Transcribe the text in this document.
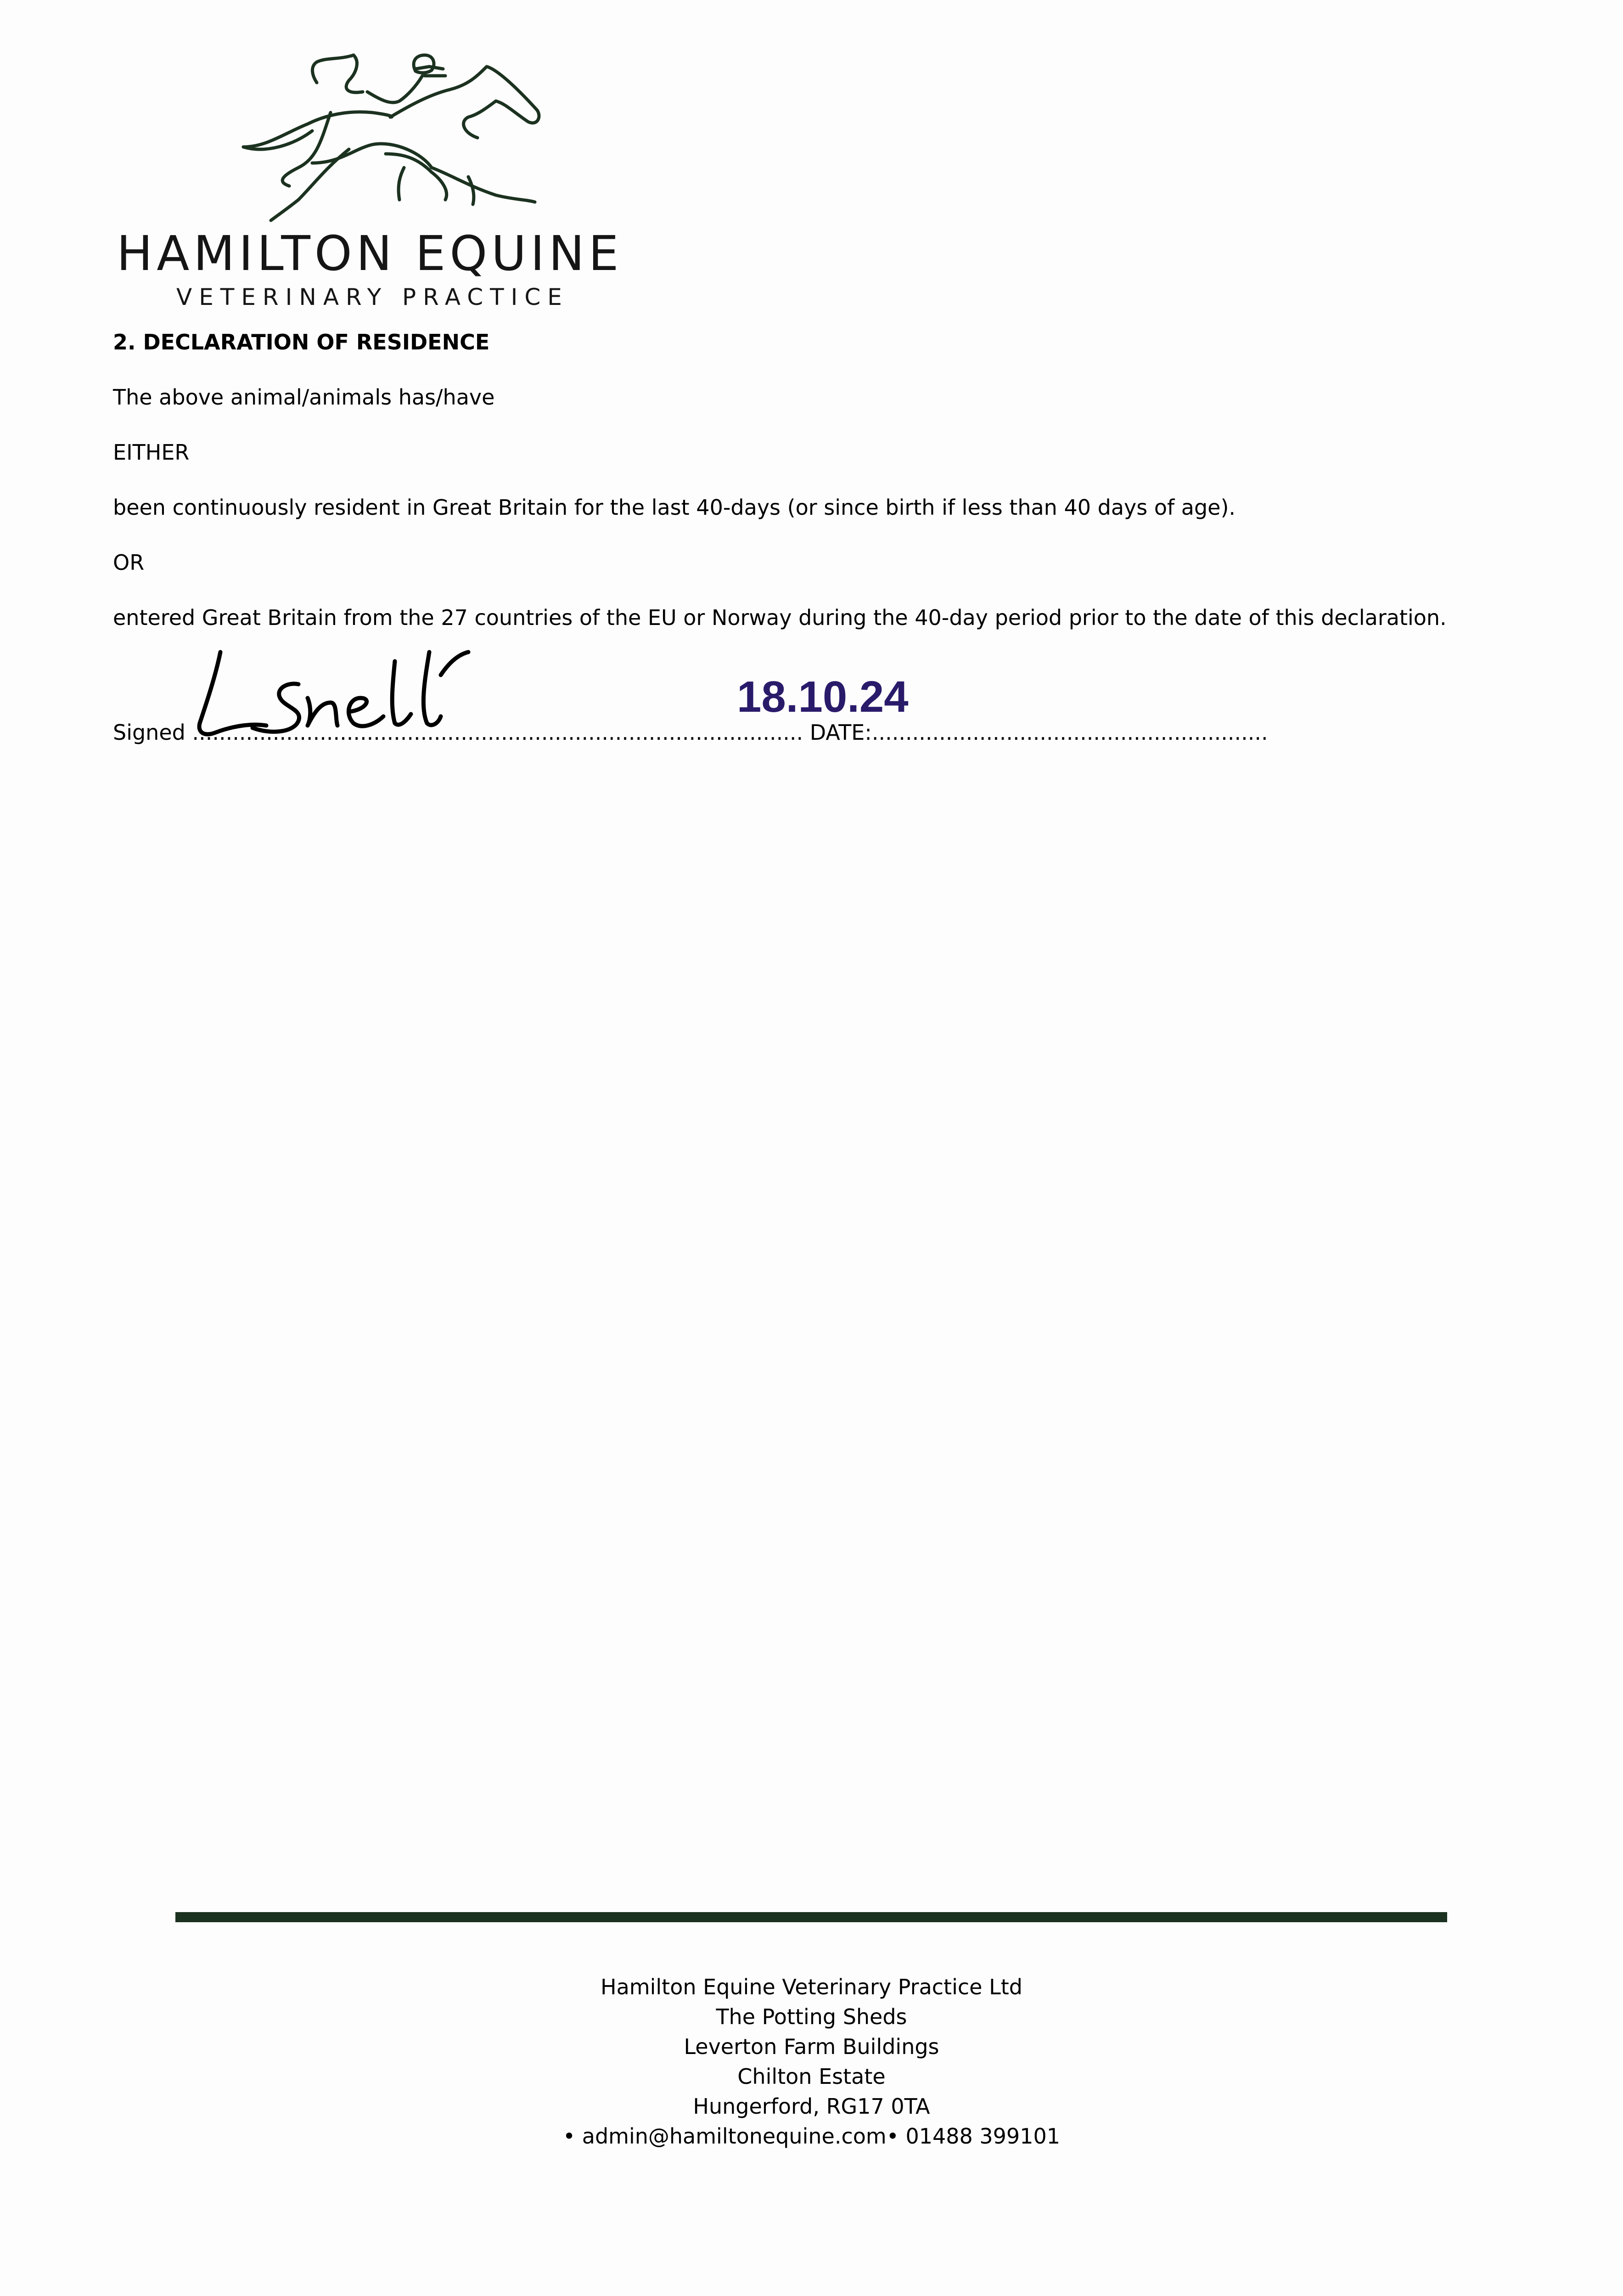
HAMILTON EQUINE
VETERINARY PRACTICE
2. DECLARATION OF RESIDENCE
The above animal/animals has/have
EITHER
been continuously resident in Great Britain for the last 40-days (or since birth if less than 40 days of age).
OR
entered Great Britain from the 27 countries of the EU or Norway during the 40-day period prior to the date of this declaration.
Signed ........................................................................................... DATE:...........................................................
18.10.24
Hamilton Equine Veterinary Practice Ltd
The Potting Sheds
Leverton Farm Buildings
Chilton Estate
Hungerford, RG17 0TA
• admin@hamiltonequine.com• 01488 399101
